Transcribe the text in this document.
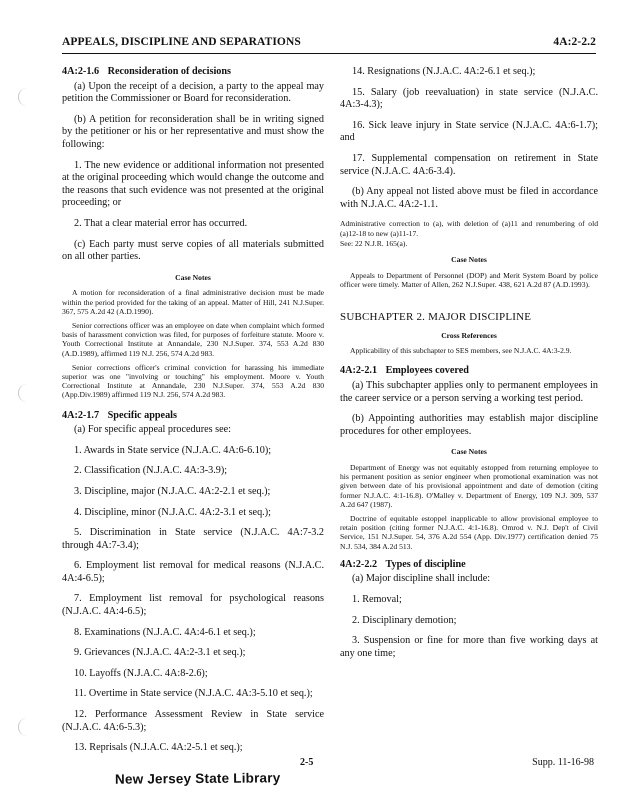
APPEALS, DISCIPLINE AND SEPARATIONS	4A:2-2.2
4A:2-1.6 Reconsideration of decisions

(a) Upon the receipt of a decision, a party to the appeal may petition the Commissioner or Board for reconsideration.

(b) A petition for reconsideration shall be in writing signed by the petitioner or his or her representative and must show the following:

1. The new evidence or additional information not presented at the original proceeding which would change the outcome and the reasons that such evidence was not presented at the original proceeding; or

2. That a clear material error has occurred.

(c) Each party must serve copies of all materials submitted on all other parties.

Case Notes

A motion for reconsideration of a final administrative decision must be made within the period provided for the taking of an appeal. Matter of Hill, 241 N.J.Super. 367, 575 A.2d 42 (A.D.1990).

Senior corrections officer was an employee on date when complaint which formed basis of harassment conviction was filed, for purposes of forfeiture statute. Moore v. Youth Correctional Institute at Annandale, 230 N.J.Super. 374, 553 A.2d 830 (A.D.1989), affirmed 119 N.J. 256, 574 A.2d 983.

Senior corrections officer's criminal conviction for harassing his immediate superior was one "involving or touching" his employment. Moore v. Youth Correctional Institute at Annandale, 230 N.J.Super. 374, 553 A.2d 830 (App.Div.1989) affirmed 119 N.J. 256, 574 A.2d 983.

4A:2-1.7 Specific appeals

(a) For specific appeal procedures see:

1. Awards in State service (N.J.A.C. 4A:6-6.10);

2. Classification (N.J.A.C. 4A:3-3.9);

3. Discipline, major (N.J.A.C. 4A:2-2.1 et seq.);

4. Discipline, minor (N.J.A.C. 4A:2-3.1 et seq.);

5. Discrimination in State service (N.J.A.C. 4A:7-3.2 through 4A:7-3.4);

6. Employment list removal for medical reasons (N.J.A.C. 4A:4-6.5);

7. Employment list removal for psychological reasons (N.J.A.C. 4A:4-6.5);

8. Examinations (N.J.A.C. 4A:4-6.1 et seq.);

9. Grievances (N.J.A.C. 4A:2-3.1 et seq.);

10. Layoffs (N.J.A.C. 4A:8-2.6);

11. Overtime in State service (N.J.A.C. 4A:3-5.10 et seq.);

12. Performance Assessment Review in State service (N.J.A.C. 4A:6-5.3);

13. Reprisals (N.J.A.C. 4A:2-5.1 et seq.);

14. Resignations (N.J.A.C. 4A:2-6.1 et seq.);

15. Salary (job reevaluation) in state service (N.J.A.C. 4A:3-4.3);

16. Sick leave injury in State service (N.J.A.C. 4A:6-1.7); and

17. Supplemental compensation on retirement in State service (N.J.A.C. 4A:6-3.4).

(b) Any appeal not listed above must be filed in accordance with N.J.A.C. 4A:2-1.1.

Administrative correction to (a), with deletion of (a)11 and renumbering of old (a)12-18 to new (a)11-17.

See: 22 N.J.R. 165(a).

Case Notes

Appeals to Department of Personnel (DOP) and Merit System Board by police officer were timely. Matter of Allen, 262 N.J.Super. 438, 621 A.2d 87 (A.D.1993).

SUBCHAPTER 2. MAJOR DISCIPLINE
Cross References

Applicability of this subchapter to SES members, see N.J.A.C. 4A:3-2.9.

4A:2-2.1 Employees covered

(a) This subchapter applies only to permanent employees in the career service or a person serving a working test period.

(b) Appointing authorities may establish major discipline procedures for other employees.

Case Notes

Department of Energy was not equitably estopped from returning employee to his permanent position as senior engineer when promotional examination was not given between date of his provisional appointment and date of demotion (citing former N.J.A.C. 4:1-16.8). O'Malley v. Department of Energy, 109 N.J. 309, 537 A.2d 647 (1987).

Doctrine of equitable estoppel inapplicable to allow provisional employee to retain position (citing former N.J.A.C. 4:1-16.8). Omrod v. N.J. Dep't of Civil Service, 151 N.J.Super. 54, 376 A.2d 554 (App. Div.1977) certification denied 75 N.J. 534, 384 A.2d 513.

4A:2-2.2 Types of discipline

(a) Major discipline shall include:

1. Removal;

2. Disciplinary demotion;

3. Suspension or fine for more than five working days at any one time;

2-5	Supp. 11-16-98
New Jersey State Library
